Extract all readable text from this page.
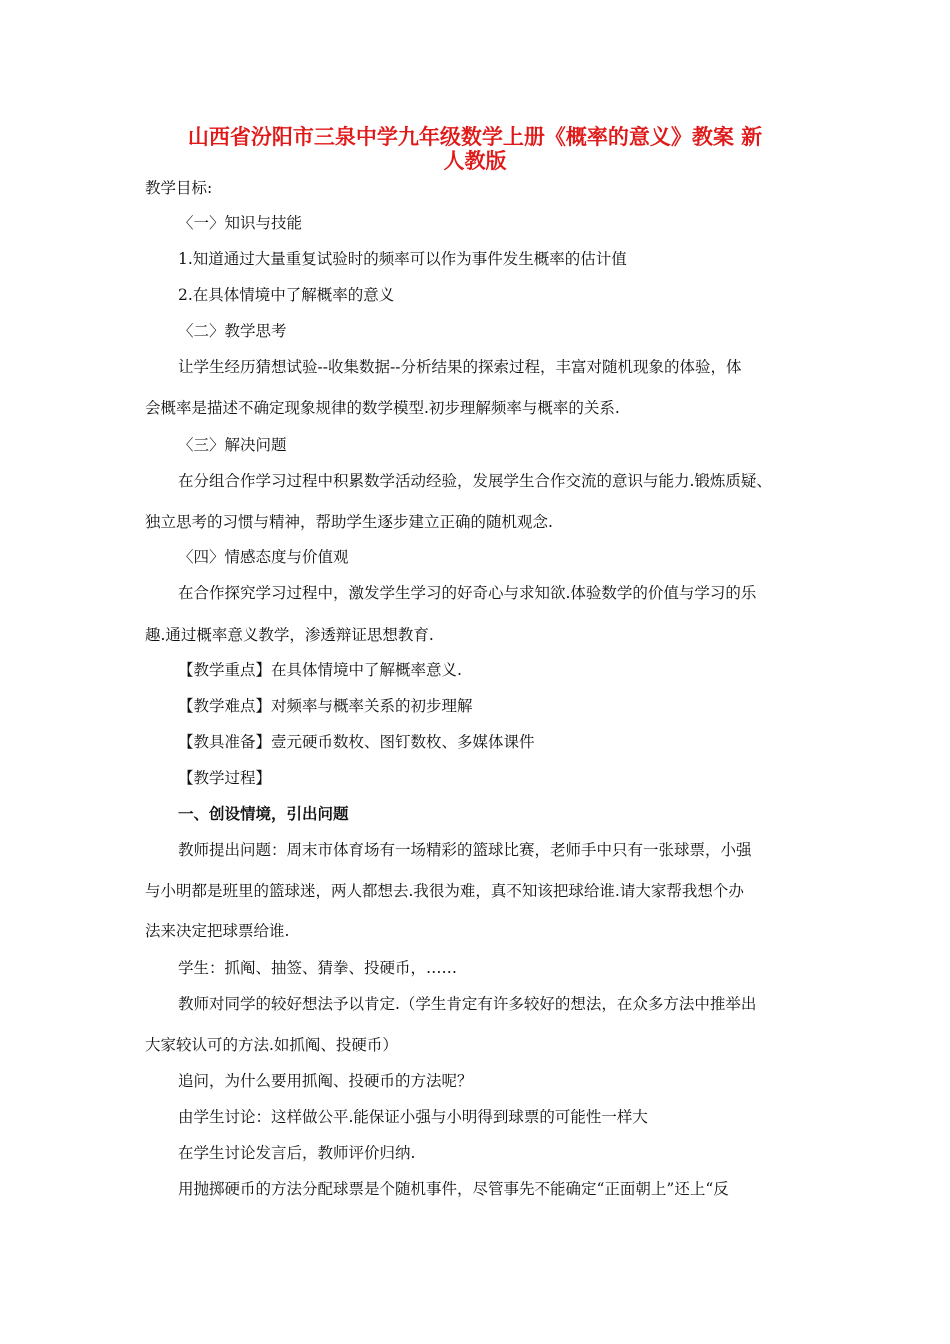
山西省汾阳市三泉中学九年级数学上册《概率的意义》教案 新
人教版
教学目标:
〈一〉知识与技能
1.知道通过大量重复试验时的频率可以作为事件发生概率的估计值
2.在具体情境中了解概率的意义
〈二〉教学思考
让学生经历猜想试验--收集数据--分析结果的探索过程，丰富对随机现象的体验，体
会概率是描述不确定现象规律的数学模型.初步理解频率与概率的关系.
〈三〉解决问题
在分组合作学习过程中积累数学活动经验，发展学生合作交流的意识与能力.锻炼质疑、
独立思考的习惯与精神，帮助学生逐步建立正确的随机观念.
〈四〉情感态度与价值观
在合作探究学习过程中，激发学生学习的好奇心与求知欲.体验数学的价值与学习的乐
趣.通过概率意义教学，渗透辩证思想教育.
【教学重点】在具体情境中了解概率意义.
【教学难点】对频率与概率关系的初步理解
【教具准备】壹元硬币数枚、图钉数枚、多媒体课件
【教学过程】
一、创设情境，引出问题
教师提出问题：周末市体育场有一场精彩的篮球比赛，老师手中只有一张球票，小强
与小明都是班里的篮球迷，两人都想去.我很为难，真不知该把球给谁.请大家帮我想个办
法来决定把球票给谁.
学生：抓阄、抽签、猜拳、投硬币，……
教师对同学的较好想法予以肯定.（学生肯定有许多较好的想法，在众多方法中推举出
大家较认可的方法.如抓阄、投硬币）
追问，为什么要用抓阄、投硬币的方法呢？
由学生讨论：这样做公平.能保证小强与小明得到球票的可能性一样大
在学生讨论发言后，教师评价归纳.
用抛掷硬币的方法分配球票是个随机事件，尽管事先不能确定“正面朝上”还上“反
